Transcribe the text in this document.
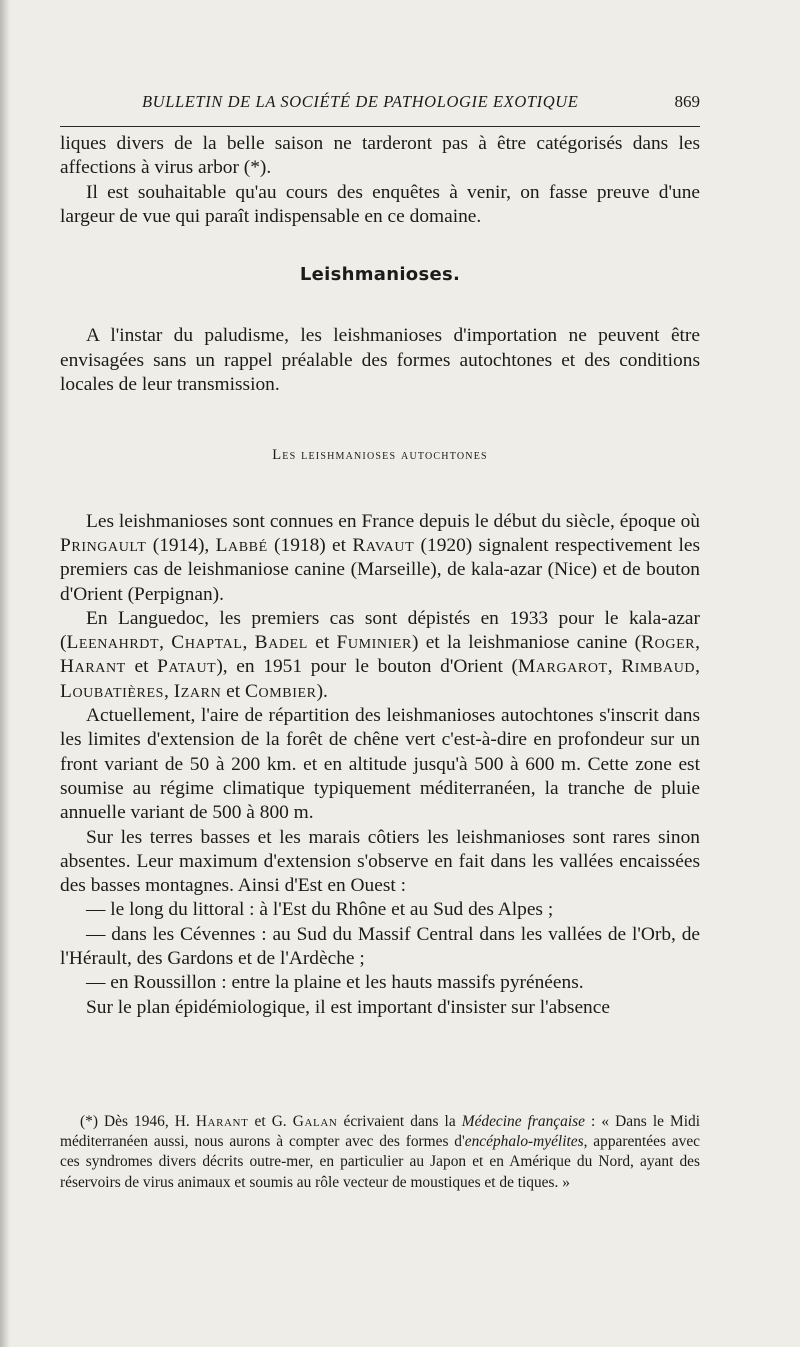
BULLETIN DE LA SOCIÉTÉ DE PATHOLOGIE EXOTIQUE	869

liques divers de la belle saison ne tarderont pas à être catégorisés dans les affections à virus arbor (*).

Il est souhaitable qu'au cours des enquêtes à venir, on fasse preuve d'une largeur de vue qui paraît indispensable en ce domaine.

Leishmanioses.

A l'instar du paludisme, les leishmanioses d'importation ne peuvent être envisagées sans un rappel préalable des formes autochtones et des conditions locales de leur transmission.

Les leishmanioses autochtones

Les leishmanioses sont connues en France depuis le début du siècle, époque où Pringault (1914), Labbé (1918) et Ravaut (1920) signalent respectivement les premiers cas de leishmaniose canine (Marseille), de kala-azar (Nice) et de bouton d'Orient (Perpignan).

En Languedoc, les premiers cas sont dépistés en 1933 pour le kala-azar (Leenahrdt, Chaptal, Badel et Fuminier) et la leishmaniose canine (Roger, Harant et Pataut), en 1951 pour le bouton d'Orient (Margarot, Rimbaud, Loubatières, Izarn et Combier).

Actuellement, l'aire de répartition des leishmanioses autochtones s'inscrit dans les limites d'extension de la forêt de chêne vert c'est-à-dire en profondeur sur un front variant de 50 à 200 km. et en altitude jusqu'à 500 à 600 m. Cette zone est soumise au régime climatique typiquement méditerranéen, la tranche de pluie annuelle variant de 500 à 800 m.

Sur les terres basses et les marais côtiers les leishmanioses sont rares sinon absentes. Leur maximum d'extension s'observe en fait dans les vallées encaissées des basses montagnes. Ainsi d'Est en Ouest :

— le long du littoral : à l'Est du Rhône et au Sud des Alpes ;

— dans les Cévennes : au Sud du Massif Central dans les vallées de l'Orb, de l'Hérault, des Gardons et de l'Ardèche ;

— en Roussillon : entre la plaine et les hauts massifs pyrénéens.

Sur le plan épidémiologique, il est important d'insister sur l'absence

(*) Dès 1946, H. Harant et G. Galan écrivaient dans la Médecine française : « Dans le Midi méditerranéen aussi, nous aurons à compter avec des formes d'encéphalo-myélites, apparentées avec ces syndromes divers décrits outre-mer, en particulier au Japon et en Amérique du Nord, ayant des réservoirs de virus animaux et soumis au rôle vecteur de moustiques et de tiques. »
